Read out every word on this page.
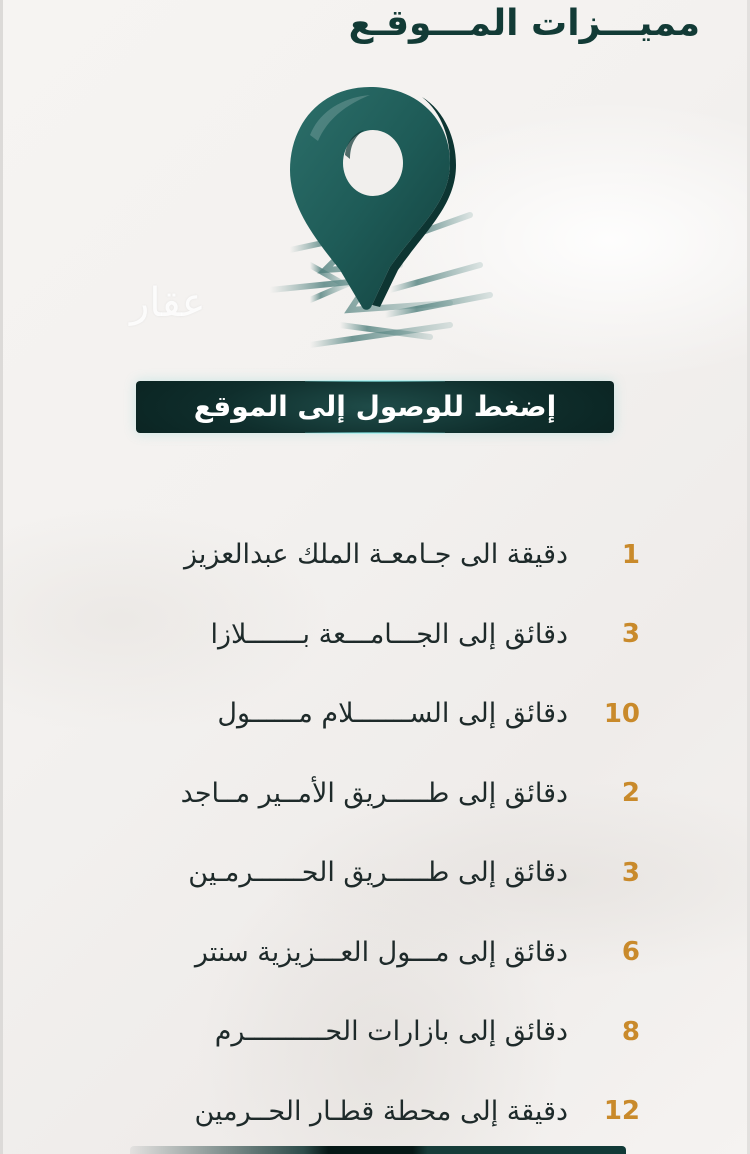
مميـــزات المـــوقـع
عقار
إضغط للوصول إلى الموقع
1
دقيقة الى جـامعـة الملك عبدالعزيز
3
دقائق إلى الجـــامـــعة بـــــــلازا
10
دقائق إلى الســـــــلام مــــــول
2
دقائق إلى طـــــريق الأمــير مــاجد
3
دقائق إلى طـــــريق الحــــــرمـين
6
دقائق إلى مـــول العـــزيزية سنتر
8
دقائق إلى بازارات الحــــــــــرم
12
دقيقة إلى محطة قطـار الحــرمين
